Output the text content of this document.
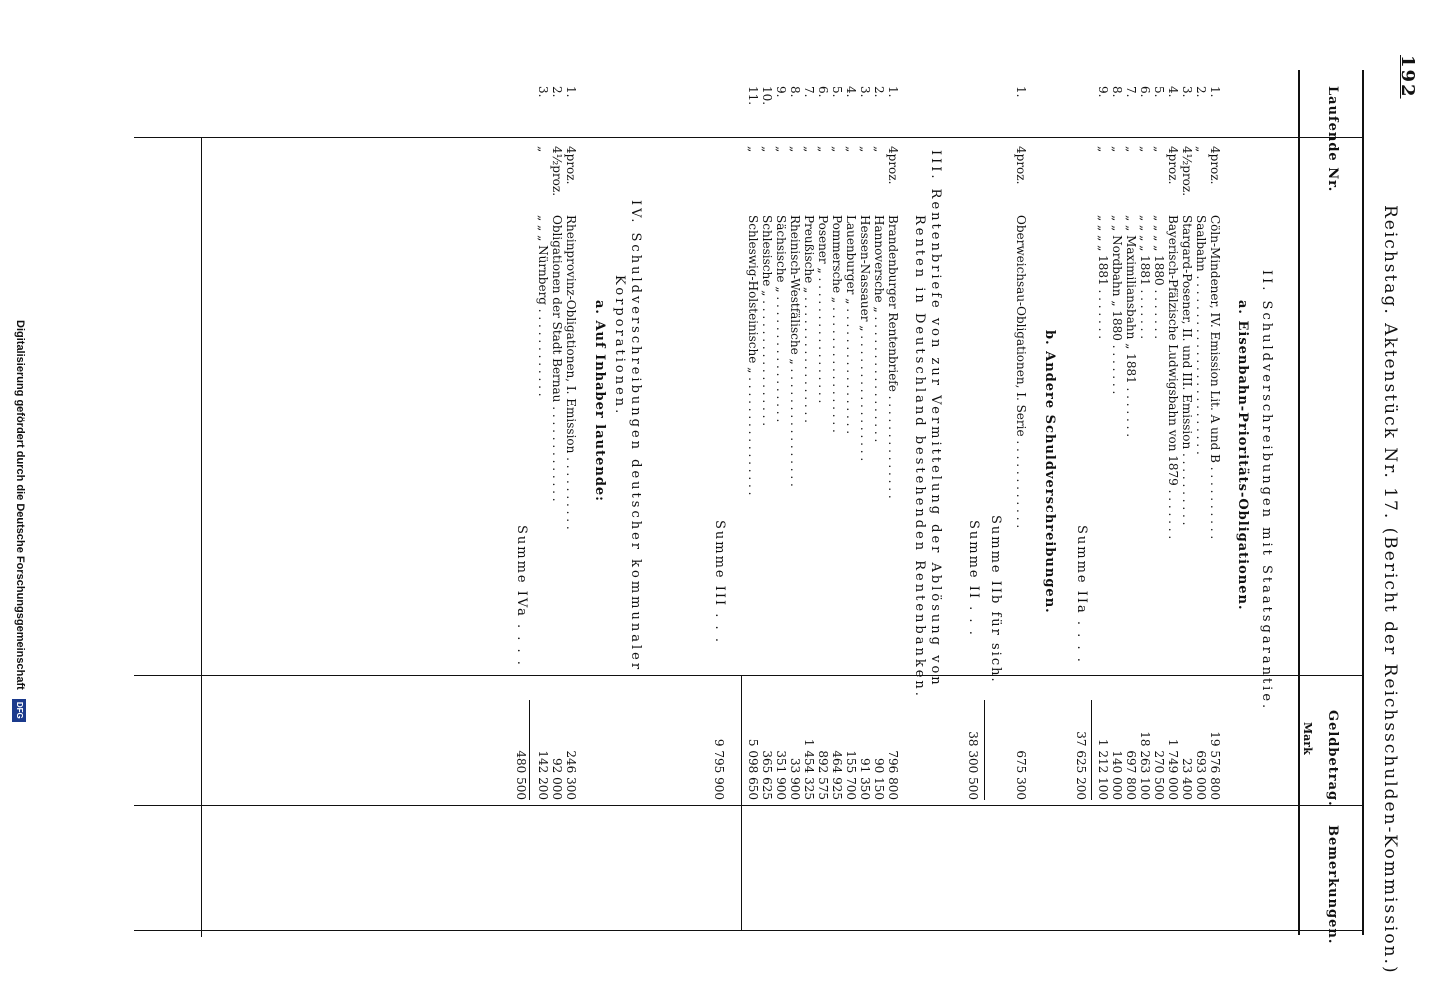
192
Reichstag. Aktenstück Nr. 17. (Bericht der Reichsschulden-Kommission.)
Laufende Nr.
Geldbetrag.
Mark
Bemerkungen.
II. Schuldverschreibungen mit Staatsgarantie.
a. Eisenbahn-Prioritäts-Obligationen.
1.
4proz.
Cöln-Mindener, IV. Emission Lit. A und B . . . . . . . . . .
19 576 800
2.
„
Saalbahn . . . . . . . . . . . . . . . . . . . . . . . .
693 000
3.
4½proz.
Stargard-Posener, II. und III. Emission . . . . . . . . . .
23 400
4.
4proz.
Bayerisch-Pfälzische Ludwigsbahn von 1879 . . . . . . .
1 749 000
5.
„
„ „ „ „ 1880 . . . . . . .
270 500
6.
„
„ „ „ „ 1881 . . . . . . .
18 263 100
7.
„
„ „ Maximiliansbahn „ 1881 . . . . . . .
697 800
8.
„
„ „ Nordbahn „ 1880 . . . . . . .
140 000
9.
„
„ „ „ „ 1881 . . . . . . .
1 212 100
Summe IIa . . . .
37 625 200
b. Andere Schuldverschreibungen.
1.
4proz.
Oberweichsau-Obligationen, I. Serie . . . . . . . . . . . .
675 300
Summe IIb für sich.
Summe II . . .
38 300 500
III. Rentenbriefe von zur Vermittelung der Ablösung von
Renten in Deutschland bestehenden Rentenbanken.
1.
4proz.
Brandenburger Rentenbriefe . . . . . . . . . . . . . .
796 800
2.
„
Hannoversche „ . . . . . . . . . . . . . . . . .
90 150
3.
„
Hessen-Nassauer „ . . . . . . . . . . . . . . . . .
91 350
4.
„
Lauenburger „ . . . . . . . . . . . . . . . . .
155 700
5.
„
Pommersche „ . . . . . . . . . . . . . . . . .
464 925
6.
„
Posener „ . . . . . . . . . . . . . . . . .
892 575
7.
„
Preußische „ . . . . . . . . . . . . . . . . .
1 454 325
8.
„
Rheinisch-Westfälische „ . . . . . . . . . . . . . . . .
33 900
9.
„
Sächsische „ . . . . . . . . . . . . . . . . .
351 900
10.
„
Schlesische „ . . . . . . . . . . . . . . . . .
365 625
11.
„
Schleswig-Holsteinische „ . . . . . . . . . . . . . . . .
5 098 650
Summe III . . .
9 795 900
IV. Schuldverschreibungen deutscher kommunaler
Korporationen.
a. Auf Inhaber lautende:
1.
4proz.
Rheinprovinz-Obligationen, I. Emission . . . . . . . . . .
246 300
2.
4½proz.
Obligationen der Stadt Bernau . . . . . . . . . . . . .
92 000
3.
„
„ „ „ Nürnberg . . . . . . . . . . . .
142 200
Summe IVa . . . .
480 500
Digitalisierung gefördert durch die Deutsche Forschungsgemeinschaft DFG
